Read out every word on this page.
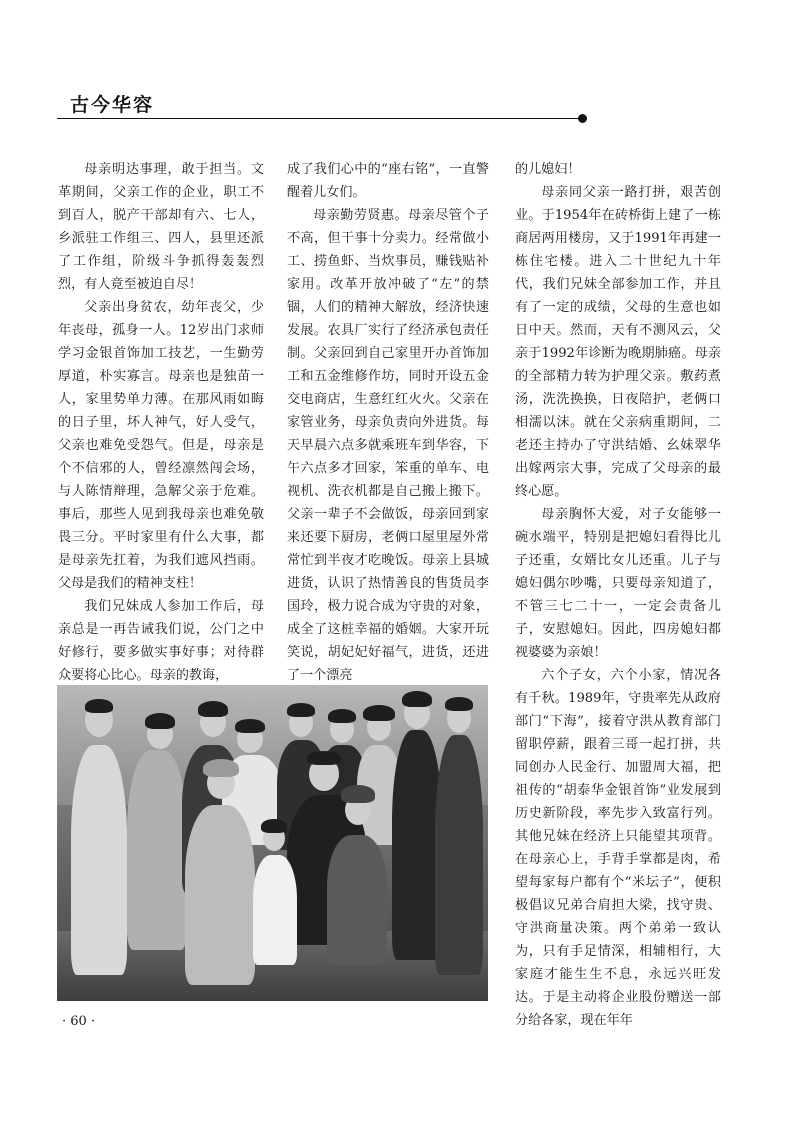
古今华容

母亲明达事理，敢于担当。文革期间，父亲工作的企业，职工不到百人，脱产干部却有六、七人，乡派驻工作组三、四人，县里还派了工作组，阶级斗争抓得轰轰烈烈，有人竟至被迫自尽！

父亲出身贫农，幼年丧父，少年丧母，孤身一人。12岁出门求师学习金银首饰加工技艺，一生勤劳厚道，朴实寡言。母亲也是独苗一人，家里势单力薄。在那风雨如晦的日子里，坏人神气，好人受气，父亲也难免受怨气。但是，母亲是个不信邪的人，曾经凛然闯会场，与人陈情辩理，急解父亲于危难。事后，那些人见到我母亲也难免敬畏三分。平时家里有什么大事，都是母亲先扛着，为我们遮风挡雨。父母是我们的精神支柱！

我们兄妹成人参加工作后，母亲总是一再告诫我们说，公门之中好修行，要多做实事好事；对待群众要将心比心。母亲的教诲，

成了我们心中的“座右铭”，一直警醒着儿女们。

母亲勤劳贤惠。母亲尽管个子不高，但干事十分卖力。经常做小工、捞鱼虾、当炊事员，赚钱贴补家用。改革开放冲破了“左”的禁锢，人们的精神大解放，经济快速发展。农具厂实行了经济承包责任制。父亲回到自己家里开办首饰加工和五金维修作坊，同时开设五金交电商店，生意红红火火。父亲在家管业务，母亲负责向外进货。每天早晨六点多就乘班车到华容，下午六点多才回家，笨重的单车、电视机、洗衣机都是自己搬上搬下。父亲一辈子不会做饭，母亲回到家来还要下厨房，老俩口屋里屋外常常忙到半夜才吃晚饭。母亲上县城进货，认识了热情善良的售货员李国玲，极力说合成为守贵的对象，成全了这桩幸福的婚姻。大家开玩笑说，胡妃妃好福气，进货，还进了一个漂亮

的儿媳妇！

母亲同父亲一路打拼，艰苦创业。于1954年在砖桥街上建了一栋商居两用楼房，又于1991年再建一栋住宅楼。进入二十世纪九十年代，我们兄妹全部参加工作，并且有了一定的成绩，父母的生意也如日中天。然而，天有不测风云，父亲于1992年诊断为晚期肺癌。母亲的全部精力转为护理父亲。敷药煮汤，洗洗换换，日夜陪护，老俩口相濡以沫。就在父亲病重期间，二老还主持办了守洪结婚、幺妹翠华出嫁两宗大事，完成了父母亲的最终心愿。

母亲胸怀大爱，对子女能够一碗水端平，特别是把媳妇看得比儿子还重，女婿比女儿还重。儿子与媳妇偶尔吵嘴，只要母亲知道了，不管三七二十一，一定会责备儿子，安慰媳妇。因此，四房媳妇都视婆婆为亲娘！

六个子女，六个小家，情况各有千秋。1989年，守贵率先从政府部门“下海”，接着守洪从教育部门留职停薪，跟着三哥一起打拼，共同创办人民金行、加盟周大福，把祖传的“胡泰华金银首饰”业发展到历史新阶段，率先步入致富行列。其他兄妹在经济上只能望其项背。在母亲心上，手背手掌都是肉，希望每家每户都有个“米坛子”，便积极倡议兄弟合肩担大梁，找守贵、守洪商量决策。两个弟弟一致认为，只有手足情深，相辅相行，大家庭才能生生不息，永远兴旺发达。于是主动将企业股份赠送一部分给各家，现在年年

· 60 ·
